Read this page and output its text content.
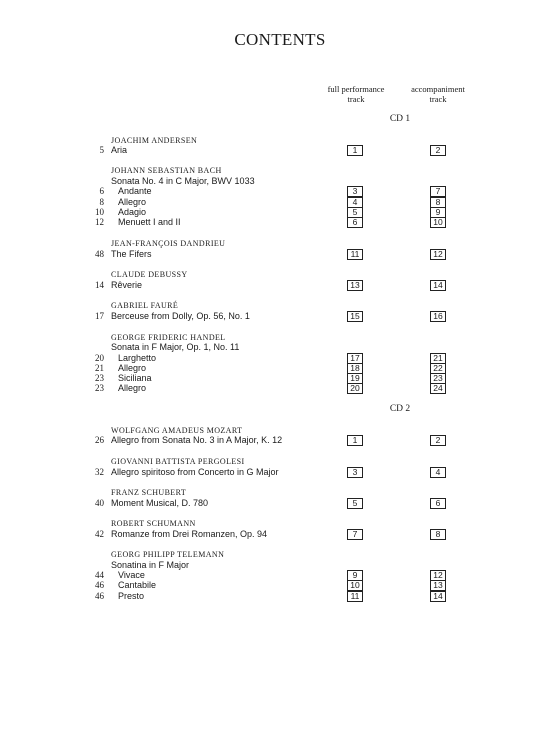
CONTENTS
full performance
track
accompaniment
track
CD 1
CD 2
JOACHIM ANDERSEN
5 Aria	1	2
JOHANN SEBASTIAN BACH
Sonata No. 4 in C Major, BWV 1033
6 Andante	3	7
8 Allegro	4	8
10 Adagio	5	9
12 Menuett I and II	6	10
JEAN-FRANÇOIS DANDRIEU
48 The Fifers	11	12
CLAUDE DEBUSSY
14 Rêverie	13	14
GABRIEL FAURÉ
17 Berceuse from Dolly, Op. 56, No. 1	15	16
GEORGE FRIDERIC HANDEL
Sonata in F Major, Op. 1, No. 11
20 Larghetto	17	21
21 Allegro	18	22
23 Siciliana	19	23
23 Allegro	20	24
WOLFGANG AMADEUS MOZART
26 Allegro from Sonata No. 3 in A Major, K. 12	1	2
GIOVANNI BATTISTA PERGOLESI
32 Allegro spiritoso from Concerto in G Major	3	4
FRANZ SCHUBERT
40 Moment Musical, D. 780	5	6
ROBERT SCHUMANN
42 Romanze from Drei Romanzen, Op. 94	7	8
GEORG PHILIPP TELEMANN
Sonatina in F Major
44 Vivace	9	12
46 Cantabile	10	13
46 Presto	11	14
